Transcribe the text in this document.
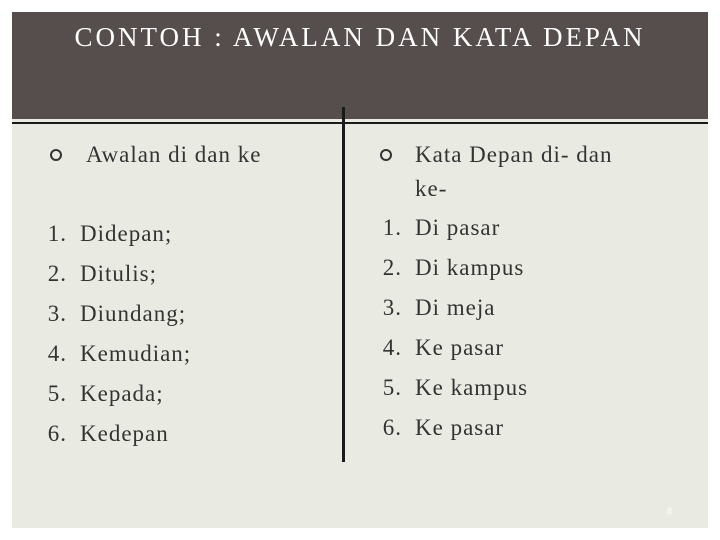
CONTOH : AWALAN DAN KATA DEPAN

Awalan di dan ke

1. Didepan;
2. Ditulis;
3. Diundang;
4. Kemudian;
5. Kepada;
6. Kedepan

Kata Depan di- dan

ke-

1. Di pasar
2. Di kampus
3. Di meja
4. Ke pasar
5. Ke kampus
6. Ke pasar
8
